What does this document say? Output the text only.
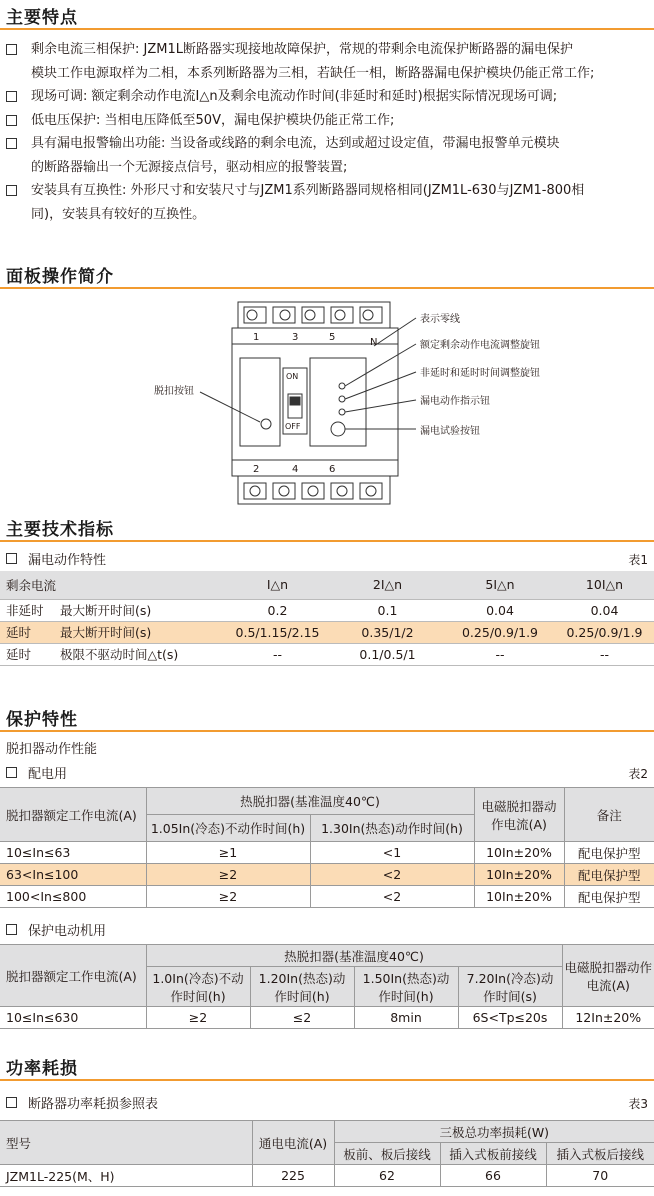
主要特点
剩余电流三相保护: JZM1L断路器实现接地故障保护，常规的带剩余电流保护断路器的漏电保护
模块工作电源取样为二相，本系列断路器为三相，若缺任一相，断路器漏电保护模块仍能正常工作;
现场可调: 额定剩余动作电流I△n及剩余电流动作时间(非延时和延时)根据实际情况现场可调;
低电压保护: 当相电压降低至50V，漏电保护模块仍能正常工作;
具有漏电报警输出功能: 当设备或线路的剩余电流，达到或超过设定值，带漏电报警单元模块
的断路器输出一个无源接点信号，驱动相应的报警装置;
安装具有互换性: 外形尺寸和安装尺寸与JZM1系列断路器同规格相同(JZM1L-630与JZM1-800相
同)，安装具有较好的互换性。
面板操作简介
1	3	5	N
2	4	6
ON
OFF
表示零线
额定剩余动作电流调整旋钮
非延时和延时时间调整旋钮
漏电动作指示钮
漏电试验按钮
脱扣按钮
主要技术指标
漏电动作特性	表1
剩余电流		I△n	2I△n	5I△n	10I△n
非延时	最大断开时间(s)	0.2	0.1	0.04	0.04
延时	最大断开时间(s)	0.5/1.15/2.15	0.35/1/2	0.25/0.9/1.9	0.25/0.9/1.9
延时	极限不驱动时间△t(s)	--	0.1/0.5/1	--	--
保护特性
脱扣器动作性能
配电用	表2
脱扣器额定工作电流(A)	热脱扣器(基准温度40℃)		电磁脱扣器动作电流(A)	备注
	1.05In(冷态)不动作时间(h)	1.30In(热态)动作时间(h)		
10≤In≤63	≥1	<1	10In±20%	配电保护型
63<In≤100	≥2	<2	10In±20%	配电保护型
100<In≤800	≥2	<2	10In±20%	配电保护型
保护电动机用
脱扣器额定工作电流(A)	热脱扣器(基准温度40℃)				电磁脱扣器动作电流(A)
	1.0In(冷态)不动作时间(h)	1.20In(热态)动作时间(h)	1.50In(热态)动作时间(h)	7.20In(冷态)动作时间(s)	
10≤In≤630	≥2	≤2	8min	6S<Tp≤20s	12In±20%
功率耗损
断路器功率耗损参照表	表3
型号	通电电流(A)	三极总功率损耗(W)		
		板前、板后接线	插入式板前接线	插入式板后接线
JZM1L-225(M、H)	225	62	66	70
